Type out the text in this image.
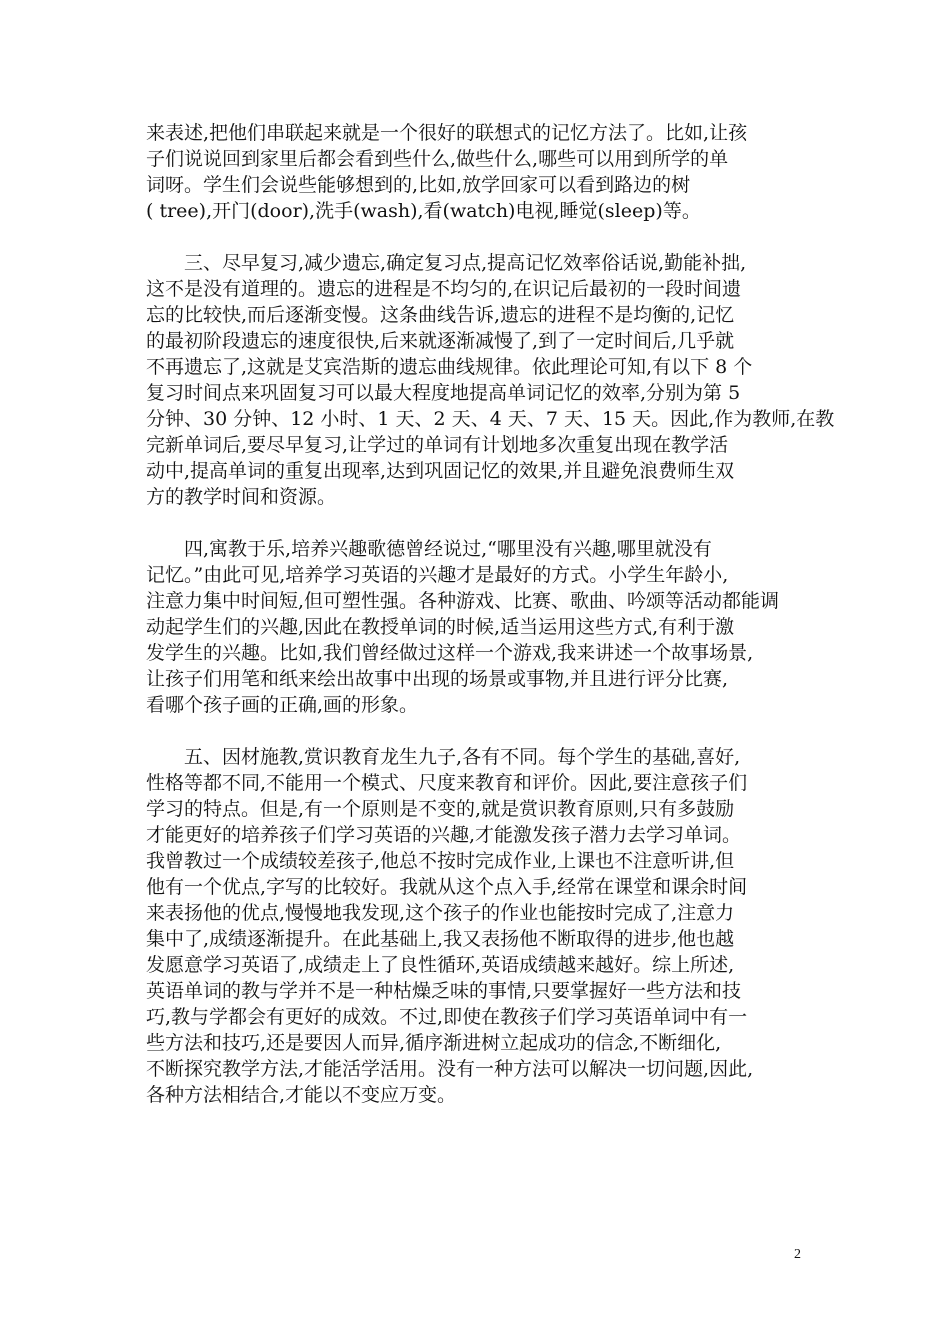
来表述,把他们串联起来就是一个很好的联想式的记忆方法了。比如,让孩
子们说说回到家里后都会看到些什么,做些什么,哪些可以用到所学的单
词呀。学生们会说些能够想到的,比如,放学回家可以看到路边的树
( tree),开门(door),洗手(wash),看(watch)电视,睡觉(sleep)等。

　　三、尽早复习,减少遗忘,确定复习点,提高记忆效率俗话说,勤能补拙,
这不是没有道理的。遗忘的进程是不均匀的,在识记后最初的一段时间遗
忘的比较快,而后逐渐变慢。这条曲线告诉,遗忘的进程不是均衡的,记忆
的最初阶段遗忘的速度很快,后来就逐渐减慢了,到了一定时间后,几乎就
不再遗忘了,这就是艾宾浩斯的遗忘曲线规律。依此理论可知,有以下 8 个
复习时间点来巩固复习可以最大程度地提高单词记忆的效率,分别为第 5
分钟、30 分钟、12 小时、1 天、2 天、4 天、7 天、15 天。因此,作为教师,在教
完新单词后,要尽早复习,让学过的单词有计划地多次重复出现在教学活
动中,提高单词的重复出现率,达到巩固记忆的效果,并且避免浪费师生双
方的教学时间和资源。

　　四,寓教于乐,培养兴趣歌德曾经说过,“哪里没有兴趣,哪里就没有
记忆。”由此可见,培养学习英语的兴趣才是最好的方式。小学生年龄小,
注意力集中时间短,但可塑性强。各种游戏、比赛、歌曲、吟颂等活动都能调
动起学生们的兴趣,因此在教授单词的时候,适当运用这些方式,有利于激
发学生的兴趣。比如,我们曾经做过这样一个游戏,我来讲述一个故事场景,
让孩子们用笔和纸来绘出故事中出现的场景或事物,并且进行评分比赛,
看哪个孩子画的正确,画的形象。

　　五、因材施教,赏识教育龙生九子,各有不同。每个学生的基础,喜好,
性格等都不同,不能用一个模式、尺度来教育和评价。因此,要注意孩子们
学习的特点。但是,有一个原则是不变的,就是赏识教育原则,只有多鼓励
才能更好的培养孩子们学习英语的兴趣,才能激发孩子潜力去学习单词。
我曾教过一个成绩较差孩子,他总不按时完成作业,上课也不注意听讲,但
他有一个优点,字写的比较好。我就从这个点入手,经常在课堂和课余时间
来表扬他的优点,慢慢地我发现,这个孩子的作业也能按时完成了,注意力
集中了,成绩逐渐提升。在此基础上,我又表扬他不断取得的进步,他也越
发愿意学习英语了,成绩走上了良性循环,英语成绩越来越好。综上所述,
英语单词的教与学并不是一种枯燥乏味的事情,只要掌握好一些方法和技
巧,教与学都会有更好的成效。不过,即使在教孩子们学习英语单词中有一
些方法和技巧,还是要因人而异,循序渐进树立起成功的信念,不断细化,
不断探究教学方法,才能活学活用。没有一种方法可以解决一切问题,因此,
各种方法相结合,才能以不变应万变。

2
